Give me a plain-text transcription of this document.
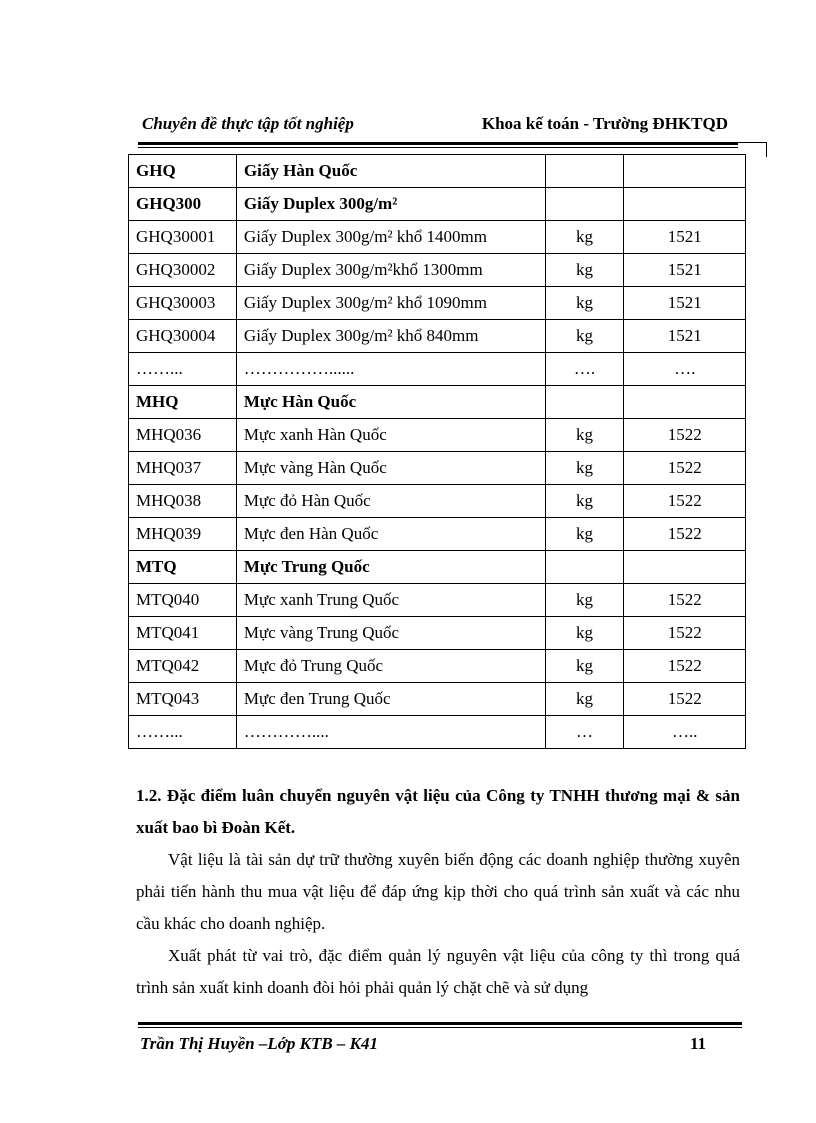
Chuyên đề thực tập tốt nghiệp	Khoa kế toán - Trường ĐHKTQD
GHQ	Giấy Hàn Quốc		
GHQ300	Giấy Duplex 300g/m²		
GHQ30001	Giấy Duplex 300g/m² khổ 1400mm	kg	1521
GHQ30002	Giấy Duplex 300g/m²khổ 1300mm	kg	1521
GHQ30003	Giấy Duplex 300g/m² khổ 1090mm	kg	1521
GHQ30004	Giấy Duplex 300g/m² khổ 840mm	kg	1521
……...	……………......	….	….
MHQ	Mực Hàn Quốc		
MHQ036	Mực xanh Hàn Quốc	kg	1522
MHQ037	Mực vàng Hàn Quốc	kg	1522
MHQ038	Mực đỏ Hàn Quốc	kg	1522
MHQ039	Mực đen Hàn Quốc	kg	1522
MTQ	Mực Trung Quốc		
MTQ040	Mực xanh Trung Quốc	kg	1522
MTQ041	Mực vàng Trung Quốc	kg	1522
MTQ042	Mực đỏ Trung Quốc	kg	1522
MTQ043	Mực đen Trung Quốc	kg	1522
……...	…………....	…	…..

1.2. Đặc điểm luân chuyển nguyên vật liệu của Công ty TNHH thương mại & sản xuất bao bì Đoàn Kết.

Vật liệu là tài sản dự trữ thường xuyên biến động các doanh nghiệp thường xuyên phải tiến hành thu mua vật liệu để đáp ứng kịp thời cho quá trình sản xuất và các nhu cầu khác cho doanh nghiệp.

Xuất phát từ vai trò, đặc điểm quản lý nguyên vật liệu của công ty thì trong quá trình sản xuất kinh doanh đòi hỏi phải quản lý chặt chẽ và sử dụng

Trần Thị Huyền –Lớp KTB – K41	11
